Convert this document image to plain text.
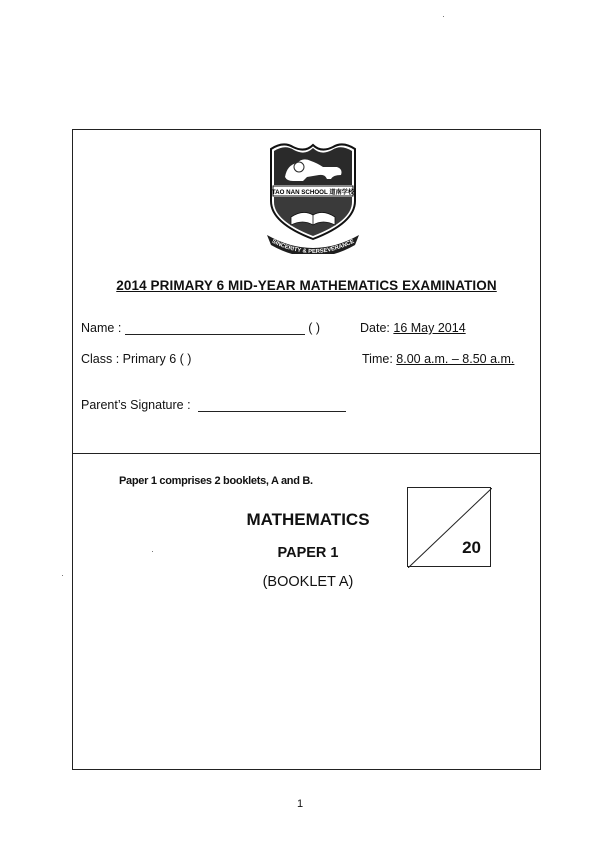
TAO NAN SCHOOL 道南学校
SINCERITY & PERSEVERANCE
2014 PRIMARY 6 MID-YEAR MATHEMATICS EXAMINATION
Name :	( )	Date: 16 May 2014
Class : Primary 6 ( )	Time: 8.00 a.m. – 8.50 a.m.
Parent’s Signature :
Paper 1 comprises 2 booklets, A and B.
MATHEMATICS
PAPER 1
(BOOKLET A)
20
1
